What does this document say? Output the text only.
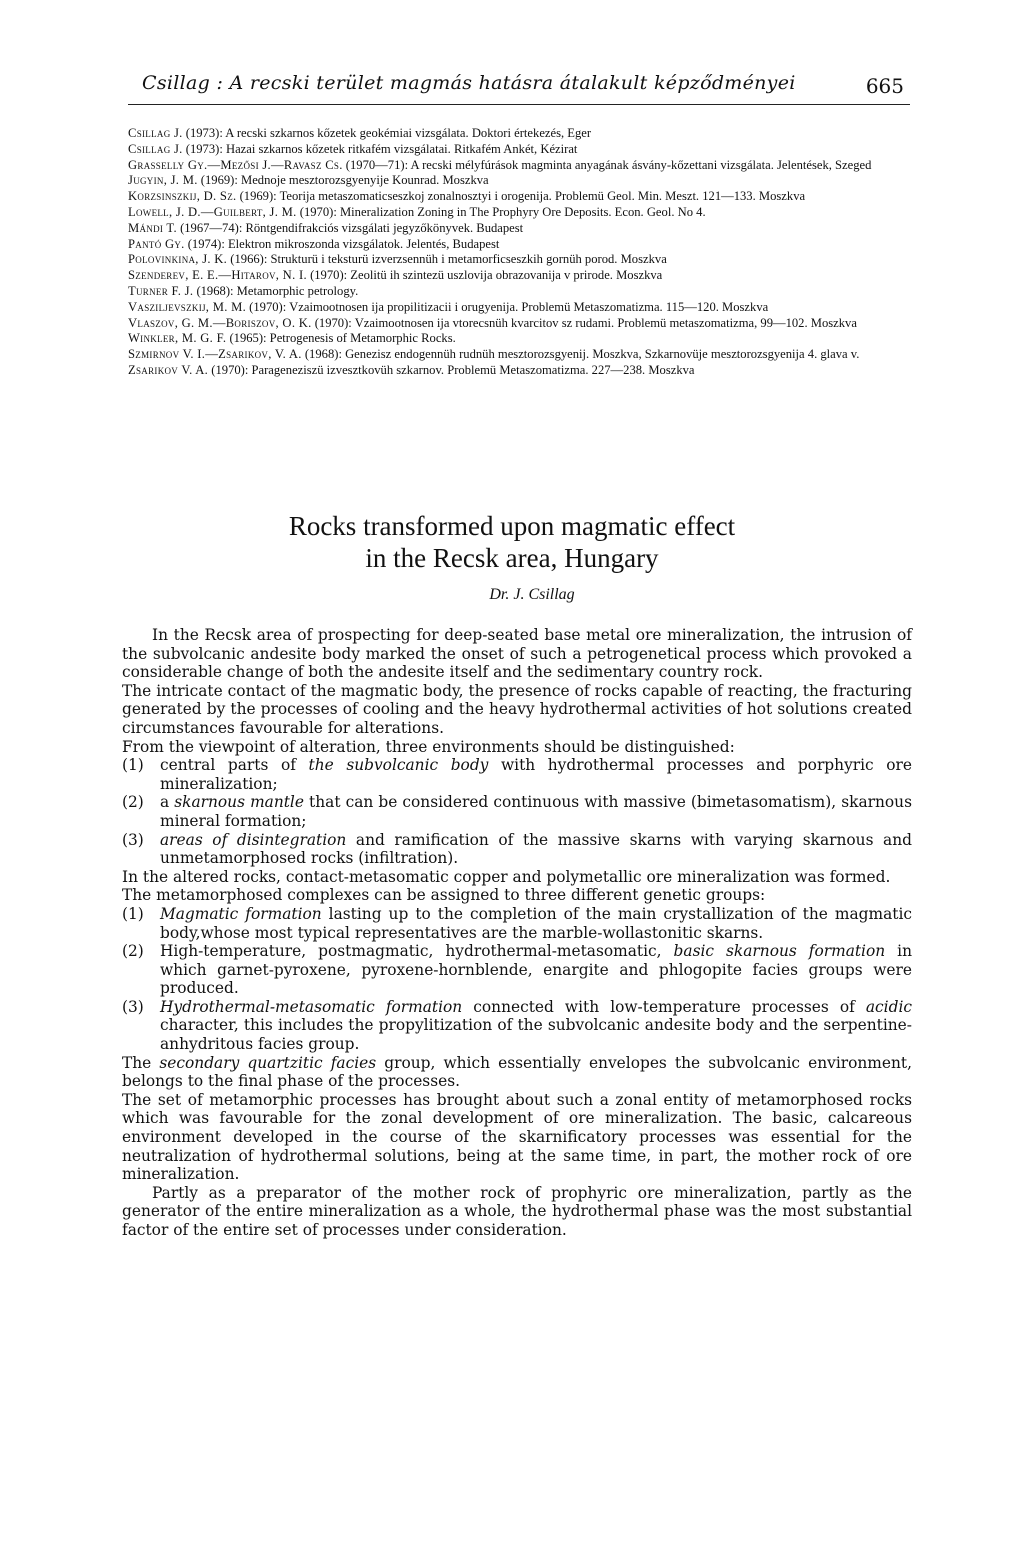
Csillag : A recski terület magmás hatásra átalakult képződményei	665

Csillag J. (1973): A recski szkarnos kőzetek geokémiai vizsgálata. Doktori értekezés, Eger

Csillag J. (1973): Hazai szkarnos kőzetek ritkafém vizsgálatai. Ritkafém Ankét, Kézirat

Grasselly Gy.—Mezősi J.—Ravasz Cs. (1970—71): A recski mélyfúrások magminta anyagának ásvány-kőzettani vizsgálata. Jelentések, Szeged

Jugyin, J. M. (1969): Mednoje mesztorozsgyenyije Kounrad. Moszkva

Korzsinszkij, D. Sz. (1969): Teorija metaszomaticseszkoj zonalnosztyi i orogenija. Problemü Geol. Min. Meszt. 121—133. Moszkva

Lowell, J. D.—Guilbert, J. M. (1970): Mineralization Zoning in The Prophyry Ore Deposits. Econ. Geol. No 4.

Mándi T. (1967—74): Röntgendifrakciós vizsgálati jegyzőkönyvek. Budapest

Pantó Gy. (1974): Elektron mikroszonda vizsgálatok. Jelentés, Budapest

Polovinkina, J. K. (1966): Strukturü i teksturü izverzsennüh i metamorficseszkih gornüh porod. Moszkva

Szenderev, E. E.—Hitarov, N. I. (1970): Zeolitü ih szintezü uszlovija obrazovanija v prirode. Moszkva

Turner F. J. (1968): Metamorphic petrology.

Vasziljevszkij, M. M. (1970): Vzaimootnosen ija propilitizacii i orugyenija. Problemü Metaszomatizma. 115—120. Moszkva

Vlaszov, G. M.—Boriszov, O. K. (1970): Vzaimootnosen ija vtorecsnüh kvarcitov sz rudami. Problemü metaszomatizma, 99—102. Moszkva

Winkler, M. G. F. (1965): Petrogenesis of Metamorphic Rocks.

Szmirnov V. I.—Zsarikov, V. A. (1968): Genezisz endogennüh rudnüh mesztorozsgyenij. Moszkva, Szkarnovüje mesztorozsgyenija 4. glava v.

Zsarikov V. A. (1970): Parageneziszü izvesztkovüh szkarnov. Problemü Metaszomatizma. 227—238. Moszkva

Rocks transformed upon magmatic effect
in the Recsk area, Hungary
Dr. J. Csillag

In the Recsk area of prospecting for deep-seated base metal ore mineralization, the intrusion of the subvolcanic andesite body marked the onset of such a petrogenetical process which provoked a considerable change of both the andesite itself and the sedimentary country rock.

The intricate contact of the magmatic body, the presence of rocks capable of reacting, the fracturing generated by the processes of cooling and the heavy hydrothermal activities of hot solutions created circumstances favourable for alterations.

From the viewpoint of alteration, three environments should be distinguished:

(1) central parts of the subvolcanic body with hydrothermal processes and porphyric ore mineralization;

(2) a skarnous mantle that can be considered continuous with massive (bimetasomatism), skarnous mineral formation;

(3) areas of disintegration and ramification of the massive skarns with varying skarnous and unmetamorphosed rocks (infiltration).

In the altered rocks, contact-metasomatic copper and polymetallic ore mineralization was formed.

The metamorphosed complexes can be assigned to three different genetic groups:

(1) Magmatic formation lasting up to the completion of the main crystallization of the magmatic body,whose most typical representatives are the marble-wollastonitic skarns.

(2) High-temperature, postmagmatic, hydrothermal-metasomatic, basic skarnous formation in which garnet-pyroxene, pyroxene-hornblende, enargite and phlogopite facies groups were produced.

(3) Hydrothermal-metasomatic formation connected with low-temperature processes of acidic character, this includes the propylitization of the subvolcanic andesite body and the serpentine-anhydritous facies group.

The secondary quartzitic facies group, which essentially envelopes the subvolcanic environment, belongs to the final phase of the processes.

The set of metamorphic processes has brought about such a zonal entity of metamorphosed rocks which was favourable for the zonal development of ore mineralization. The basic, calcareous environment developed in the course of the skarnificatory processes was essential for the neutralization of hydrothermal solutions, being at the same time, in part, the mother rock of ore mineralization.

Partly as a preparator of the mother rock of prophyric ore mineralization, partly as the generator of the entire mineralization as a whole, the hydrothermal phase was the most substantial factor of the entire set of processes under consideration.
